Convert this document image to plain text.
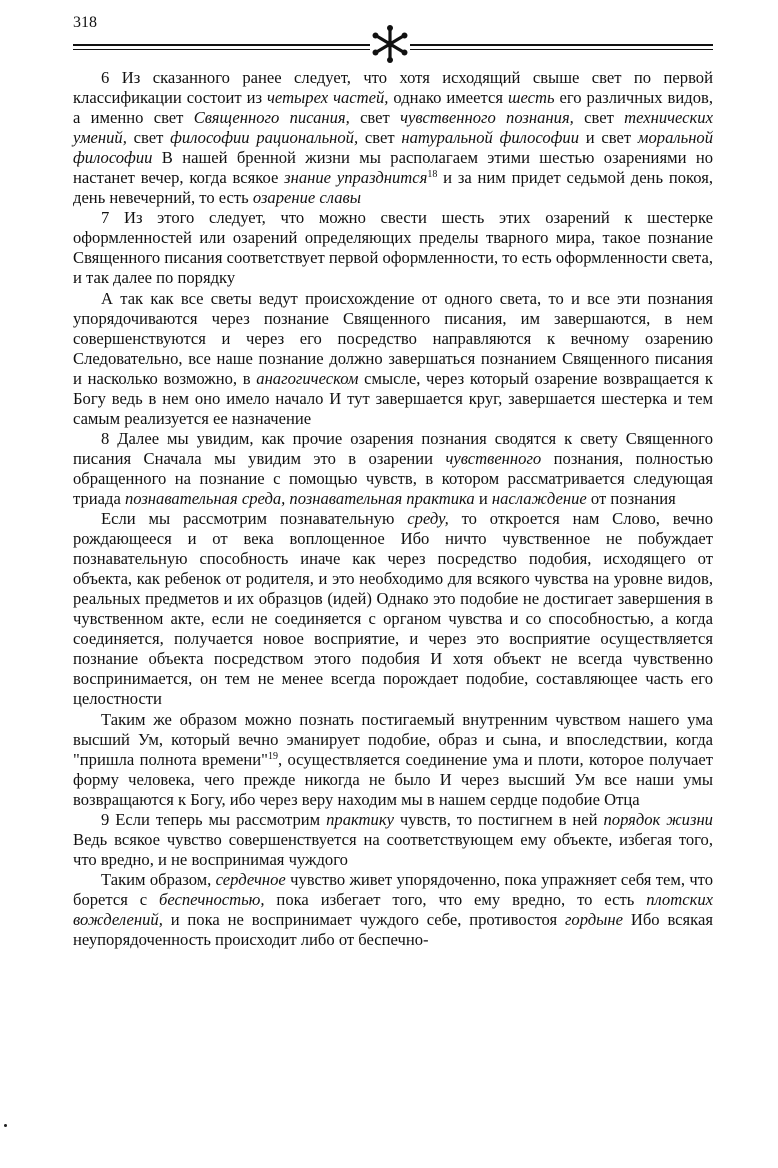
318

6 Из сказанного ранее следует, что хотя исходящий свыше свет по первой классификации состоит из четырех частей, однако имеется шесть его различных видов, а именно свет Священного писания, свет чувственного познания, свет технических умений, свет философии рациональной, свет натуральной философии и свет моральной философии В нашей бренной жизни мы располагаем этими шестью озарениями но настанет вечер, когда всякое знание упразднится$^{18}$ и за ним придет седьмой день покоя, день невечерний, то есть озарение славы

7 Из этого следует, что можно свести шесть этих озарений к шестерке оформленностей или озарений определяющих пределы тварного мира, такое познание Священного писания соответствует первой оформленности, то есть оформленности света, и так далее по порядку

А так как все светы ведут происхождение от одного света, то и все эти познания упорядочиваются через познание Священного писания, им завершаются, в нем совершенствуются и через его посредство направляются к вечному озарению Следовательно, все наше познание должно завершаться познанием Священного писания и насколько возможно, в анагогическом смысле, через который озарение возвращается к Богу ведь в нем оно имело начало И тут завершается круг, завершается шестерка и тем самым реализуется ее назначение

8 Далее мы увидим, как прочие озарения познания сводятся к свету Священного писания Сначала мы увидим это в озарении чувственного познания, полностью обращенного на познание с помощью чувств, в котором рассматривается следующая триада познавательная среда, познавательная практика и наслаждение от познания

Если мы рассмотрим познавательную среду, то откроется нам Слово, вечно рождающееся и от века воплощенное Ибо ничто чувственное не побуждает познавательную способность иначе как через посредство подобия, исходящего от объекта, как ребенок от родителя, и это необходимо для всякого чувства на уровне видов, реальных предметов и их образцов (идей) Однако это подобие не достигает завершения в чувственном акте, если не соединяется с органом чувства и со способностью, а когда соединяется, получается новое восприятие, и через это восприятие осуществляется познание объекта посредством этого подобия И хотя объект не всегда чувственно воспринимается, он тем не менее всегда порождает подобие, составляющее часть его целостности

Таким же образом можно познать постигаемый внутренним чувством нашего ума высший Ум, который вечно эманирует подобие, образ и сына, и впоследствии, когда "пришла полнота времени"$^{19}$, осуществляется соединение ума и плоти, которое получает форму человека, чего прежде никогда не было И через высший Ум все наши умы возвращаются к Богу, ибо через веру находим мы в нашем сердце подобие Отца

9 Если теперь мы рассмотрим практику чувств, то постигнем в ней порядок жизни Ведь всякое чувство совершенствуется на соответствующем ему объекте, избегая того, что вредно, и не воспринимая чуждого

Таким образом, сердечное чувство живет упорядоченно, пока упражняет себя тем, что борется с беспечностью, пока избегает того, что ему вредно, то есть плотских вожделений, и пока не воспринимает чуждого себе, противостоя гордыне Ибо всякая неупорядоченность происходит либо от беспечно-
